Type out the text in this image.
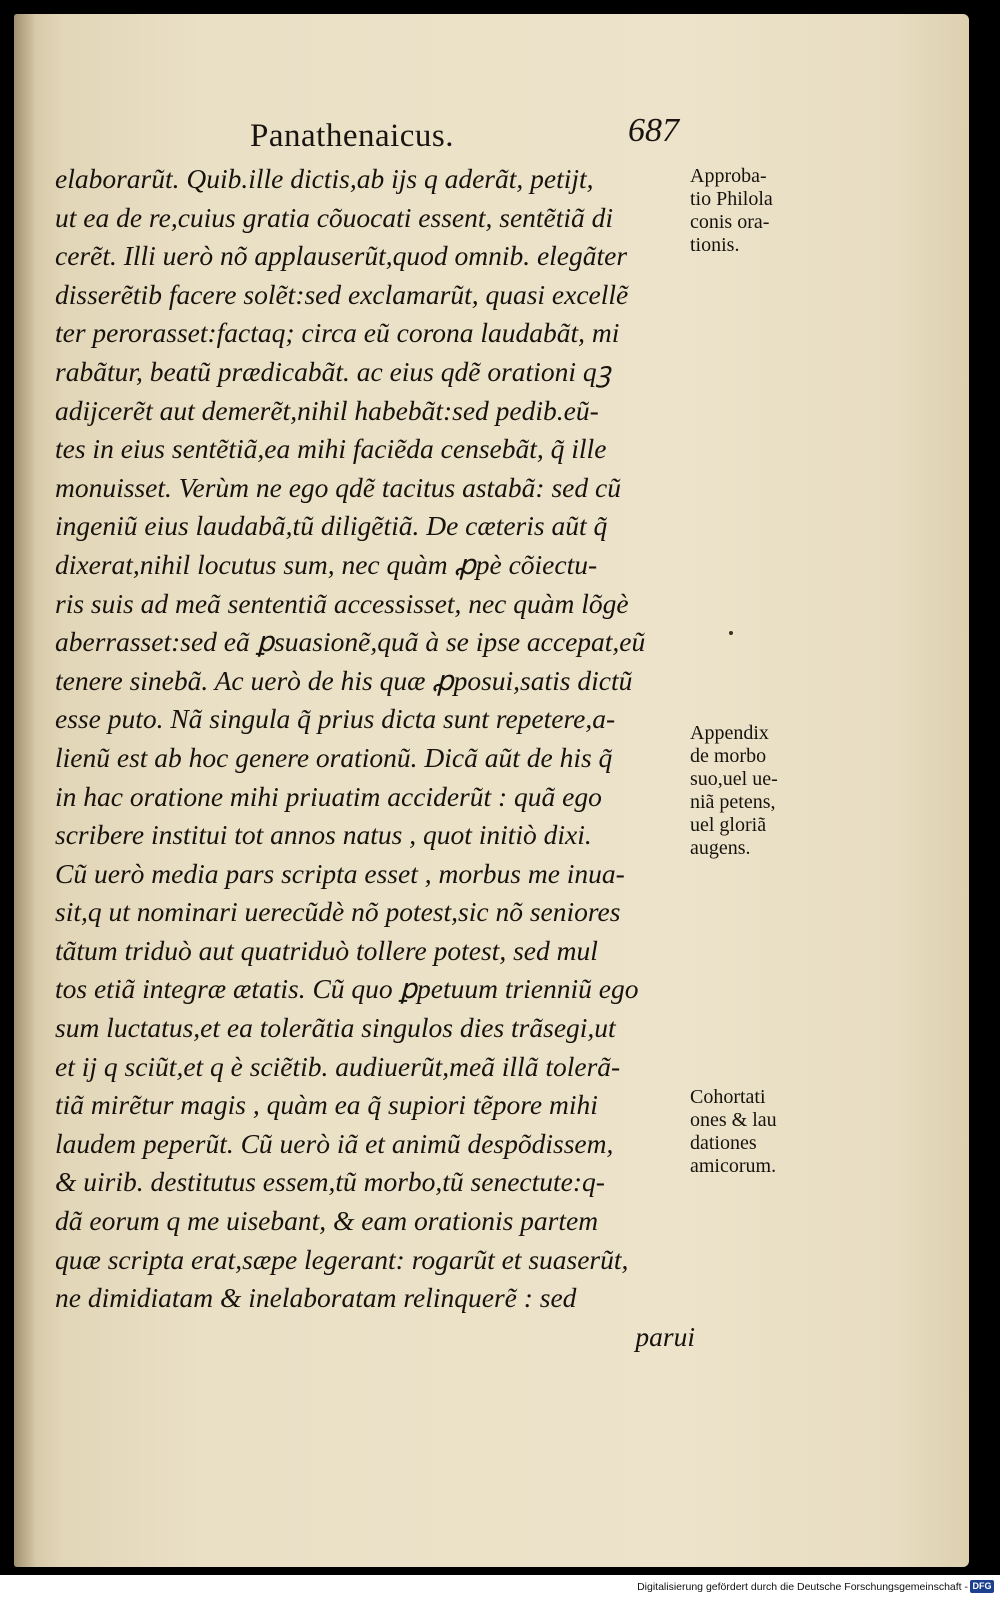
Panathenaicus.	687
elaborarũt. Quib.ille dictis,ab ijs q aderãt, petijt,
ut ea de re,cuius gratia cõuocati essent, sentẽtiã di
cerẽt. Illi uerò nõ applauserũt,quod omnib. elegãter
disserẽtib facere solẽt:sed exclamarũt, quasi excellẽ
ter perorasset:factaq; circa eũ corona laudabãt, mi
rabãtur, beatũ prædicabãt. ac eius qdẽ orationi qꝫ
adijcerẽt aut demerẽt,nihil habebãt:sed pedib.eũ-
tes in eius sentẽtiã,ea mihi faciẽda censebãt, q̃ ille
monuisset. Verùm ne ego qdẽ tacitus astabã: sed cũ
ingeniũ eius laudabã,tũ diligẽtiã. De cæteris aũt q̃
dixerat,nihil locutus sum, nec quàm ꝓpè cõiectu-
ris suis ad meã sententiã accessisset, nec quàm lõgè
aberrasset:sed eã ꝑsuasionẽ,quã à se ipse accepat,eũ
tenere sinebã. Ac uerò de his quæ ꝓposui,satis dictũ
esse puto. Nã singula q̃ prius dicta sunt repetere,a-
lienũ est ab hoc genere orationũ. Dicã aũt de his q̃
in hac oratione mihi priuatim acciderũt : quã ego
scribere institui tot annos natus , quot initiò dixi.
Cũ uerò media pars scripta esset , morbus me inua-
sit,q ut nominari uerecũdè nõ potest,sic nõ seniores
tãtum triduò aut quatriduò tollere potest, sed mul
tos etiã integræ ætatis. Cũ quo ꝑpetuum trienniũ ego
sum luctatus,et ea tolerãtia singulos dies trãsegi,ut
et ij q sciũt,et q è sciẽtib. audiuerũt,meã illã tolerã-
tiã mirẽtur magis , quàm ea q̃ supiori tẽpore mihi
laudem peperũt. Cũ uerò iã et animũ despõdissem,
& uirib. destitutus essem,tũ morbo,tũ senectute:q-
dã eorum q me uisebant, & eam orationis partem
quæ scripta erat,sæpe legerant: rogarũt et suaserũt,
ne dimidiatam & inelaboratam relinquerẽ : sed
parui
Approba-
tio Philola
conis ora-
tionis.
Appendix
de morbo
suo,uel ue-
niã petens,
uel gloriã
augens.
Cohortati
ones & lau
dationes
amicorum.
Digitalisierung gefördert durch die Deutsche Forschungsgemeinschaft - DFG
